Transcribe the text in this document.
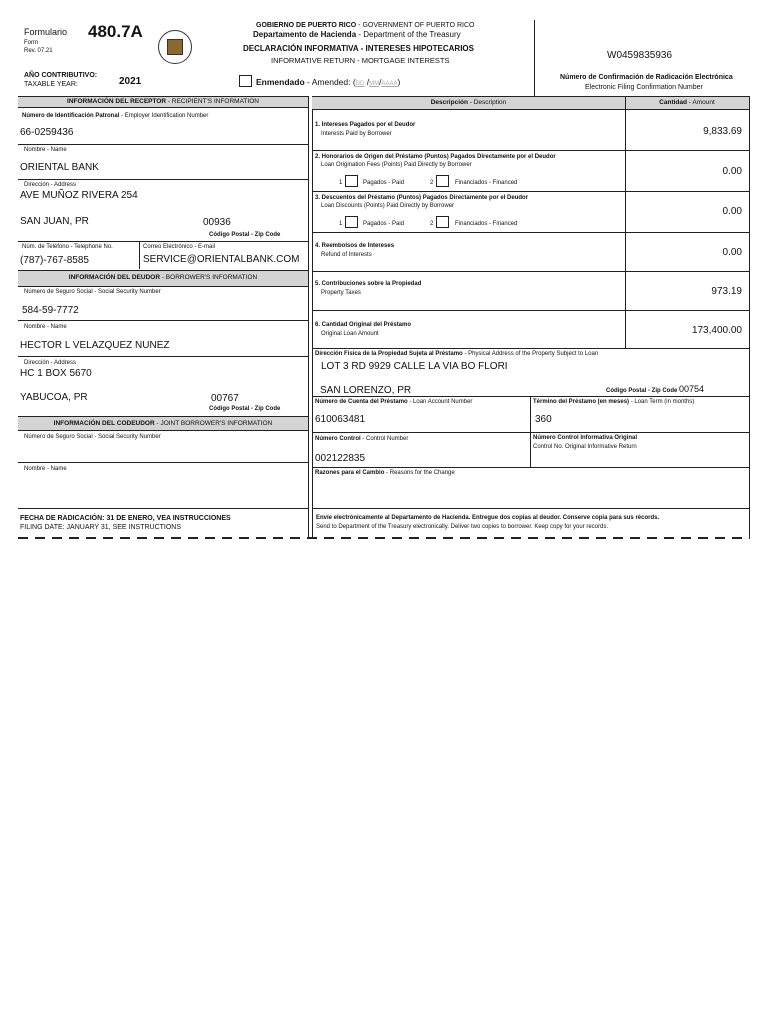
Formulario 480.7A
Form
Rev. 07.21
GOBIERNO DE PUERTO RICO - GOVERNMENT OF PUERTO RICO
Departamento de Hacienda - Department of the Treasury
DECLARACIÓN INFORMATIVA - INTERESES HIPOTECARIOS
INFORMATIVE RETURN - MORTGAGE INTERESTS	W0459835936
AÑO CONTRIBUTIVO:
TAXABLE YEAR:	2021	Enmendado - Amended: (DD /MM/AAAA)	Número de Confirmación de Radicación Electrónica
Electronic Filing Confirmation Number
INFORMACIÓN DEL RECEPTOR - RECIPIENT'S INFORMATION
Número de Identificación Patronal - Employer Identification Number
66-0259436
Nombre - Name
ORIENTAL BANK
Dirección - Address
AVE MUÑOZ RIVERA 254
SAN JUAN, PR	00936
Código Postal - Zip Code
Núm. de Teléfono - Telephone No.
(787)-767-8585
Correo Electrónico - E-mail
SERVICE@ORIENTALBANK.COM
INFORMACIÓN DEL DEUDOR - BORROWER'S INFORMATION
Número de Seguro Social - Social Security Number
584-59-7772
Nombre - Name
HECTOR L VELAZQUEZ NUNEZ
Dirección - Address
HC 1 BOX 5670
YABUCOA, PR	00767
Código Postal - Zip Code
INFORMACIÓN DEL CODEUDOR - JOINT BORROWER'S INFORMATION
Número de Seguro Social - Social Security Number
Nombre - Name
FECHA DE RADICACIÓN: 31 DE ENERO, VEA INSTRUCCIONES
FILING DATE: JANUARY 31, SEE INSTRUCTIONS
Descripción - Description	Cantidad - Amount
1. Intereses Pagados por el Deudor
Interests Paid by Borrower	9,833.69
2. Honorarios de Origen del Préstamo (Puntos) Pagados Directamente por el Deudor
Loan Origination Fees (Points) Paid Directly by Borrower
1	Pagados - Paid	2	Financiados - Financed
0.00
3. Descuentos del Préstamo (Puntos) Pagados Directamente por el Deudor
Loan Discounts (Points) Paid Directly by Borrower
1	Pagados - Paid	2	Financiados - Financed
0.00
4. Reembolsos de Intereses
Refund of Interests	0.00
5. Contribuciones sobre la Propiedad
Property Taxes	973.19
6. Cantidad Original del Préstamo
Original Loan Amount	173,400.00
Dirección Física de la Propiedad Sujeta al Préstamo - Physical Address of the Property Subject to Loan
LOT 3 RD 9929 CALLE LA VIA BO FLORI
SAN LORENZO, PR	Código Postal - Zip Code 00754
Número de Cuenta del Préstamo - Loan Account Number
610063481
Término del Préstamo (en meses) - Loan Term (in months)
360
Número Control - Control Number
002122835
Número Control Informativa Original
Control No. Original Informative Return
Razones para el Cambio - Reasons for the Change
Envíe electrónicamente al Departamento de Hacienda. Entregue dos copias al deudor. Conserve copia para sus récords.
Send to Department of the Treasury electronically. Deliver two copies to borrower. Keep copy for your records.
